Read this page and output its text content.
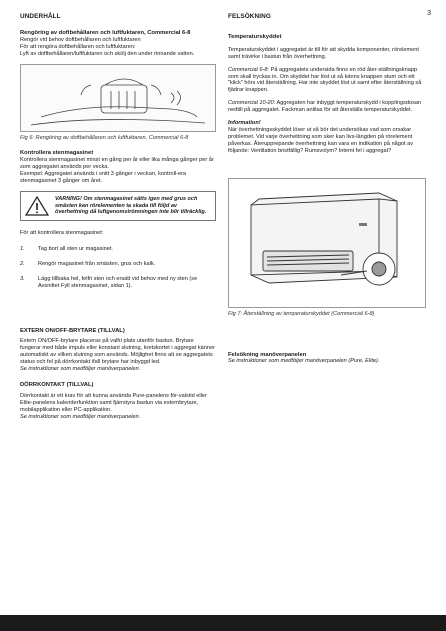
3
UNDERHÅLL
Rengöring av doftbehållaren och luftfuktaren, Commercial 6-8

Rengör vid behov doftbehållaren och luftfuktaren

För att rengöra doftbehållaren och luftfuktaren:

Lyft av doftbehållaren/luftfuktaren och skölj den under rinnande vatten.

Fig 6: Rengöring av doftbehållaren och luftfuktaren, Commercial 6-8

Kontrollera stenmagasinet

Kontrollera stenmagasinet minst en gång per år eller lika många gånger per år som aggregatet används per vecka.

Exempel: Aggregatet används i snitt 3 gånger i veckan, kontroll-era stenmagasinet 3 gånger om året.

VARNING! Om stenmagasinet sätts igen med grus och smästen kan rörelementen ta skada till följd av överhettning då luftgenomströmningen inte blir tillräcklig.

För att kontrollera stenmagasinet:

1.	Tag bort all sten ur magasinet.
2.	Rengör magasinet från smästen, grus och kalk.
3.	Lägg tillbaka hel, felfri sten och ersätt vid behov med ny sten (se Avsnittet Fyll stenmagasinet, sidan 1).
EXTERN ON/OFF-BRYTARE (TILLVAL)

Extern ON/OFF-brytare placeras på valfri plats utanför bastun. Brytare fungerar med både impuls eller konstant slutning, kretskortet i aggregat känner automatiskt av vilken slutning som används. Möjlighet finns att se aggregatets status och fel på dörrkontakt ifall brytare har inbyggd led.

Se instruktioner som medföljer manöverpanelen.

DÖRRKONTAKT (TILLVAL)

Dörrkontakt är ett krav för att kunna använda Pure-panelens för-valstid eller Elite-panelens kalenderfunktion samt fjärrstyra bastun via externbrytare, mobilapplikation eller PC-applikation.

Se instruktioner som medföljer manöverpanelen.

FELSÖKNING
Temperaturskyddet

Temperaturskyddet i aggregatet är till för att skydda komponenter, rörelement samt trävirke i bastun från överhettning.

Commercial 6-8: På aggregatets undersida finns en röd åter-ställningsknapp som skall tryckas in. Om skyddet har löst ut så känns knappen stum och ett "klick" hörs vid återställning. Har inte skyddet löst ut samt efter återställning så fjädrar knappen.

Commercial 10-20: Aggregaten har inbyggt temperaturskydd i kopplingsdosan nedtill på aggregatet. Fackman anlitas för att återställa temperaturskyddet.

Information!

När överhettningsskyddet löser ut så bör det undersökas vad som orsakar problemet. Vid varje överhettning som sker kan livs-längden på rörelement påverkas. Återupprepande överhettning kan vara en indikation på något av följande: Ventilation bristfällig? Rumsvolym? Intemt fel i aggregat?

Fig 7: Återställning av temperaturskyddet (Commercial 6-8)

Felsökning manöverpanelen

Se instruktioner som medföljer manöverpanelen (Pure, Elite).
